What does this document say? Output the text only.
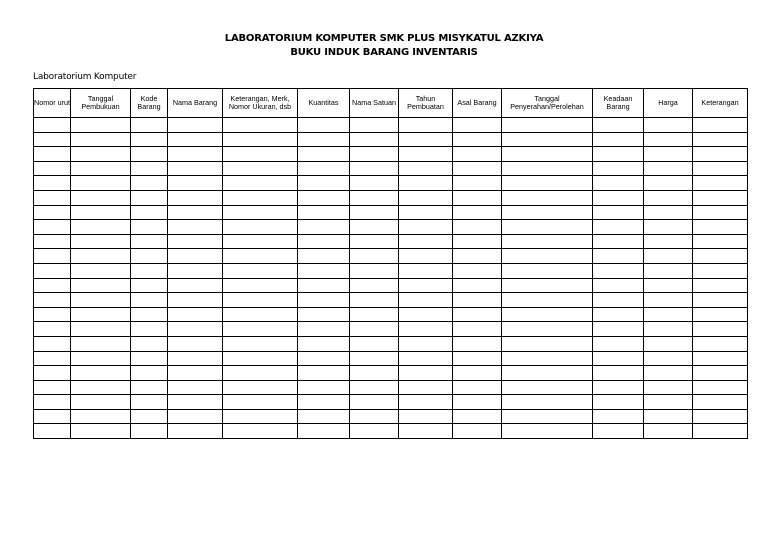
LABORATORIUM KOMPUTER SMK PLUS MISYKATUL AZKIYA
BUKU INDUK BARANG INVENTARIS
Laboratorium Komputer
Nomor urut	Tanggal Pembukuan	Kode Barang	Nama Barang	Keterangan, Merk, Nomor Ukuran, dsb	Kuantitas	Nama Satuan	Tahun Pembuatan	Asal Barang	Tanggal Penyerahan/Perolehan	Keadaan Barang	Harga	Keterangan
